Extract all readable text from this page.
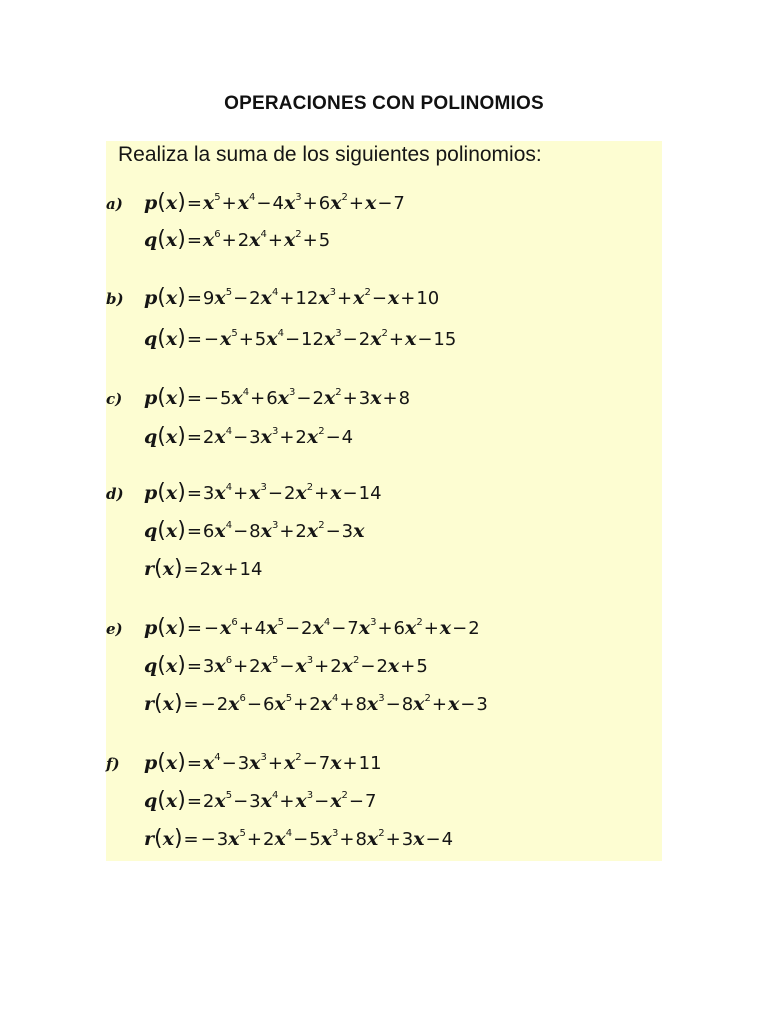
OPERACIONES CON POLINOMIOS
Realiza la suma de los siguientes polinomios:
a) $p(x)=x^5+x^4-4x^3+6x^2+x-7$
$q(x)=x^6+2x^4+x^2+5$
b) $p(x)=9x^5-2x^4+12x^3+x^2-x+10$
$q(x)= -x^5+5x^4-12x^3-2x^2+x-15$
c) $p(x)= -5x^4+6x^3-2x^2+3x+8$
$q(x)=2x^4-3x^3+2x^2-4$
d) $p(x)=3x^4+x^3-2x^2+x-14$
$q(x)=6x^4-8x^3+2x^2-3x$
r(x)=2x+14
e) $p(x)= -x^6+4x^5-2x^4-7x^3+6x^2+x-2$
$q(x)=3x^6+2x^5-x^3+2x^2-2x+5$
$r(x)= -2x^6-6x^5+2x^4+8x^3-8x^2+x-3$
f) $p(x)=x^4-3x^3+x^2-7x+11$
$q(x)=2x^5-3x^4+x^3-x^2-7$
$r(x)= -3x^5+2x^4-5x^3+8x^2+3x-4$
